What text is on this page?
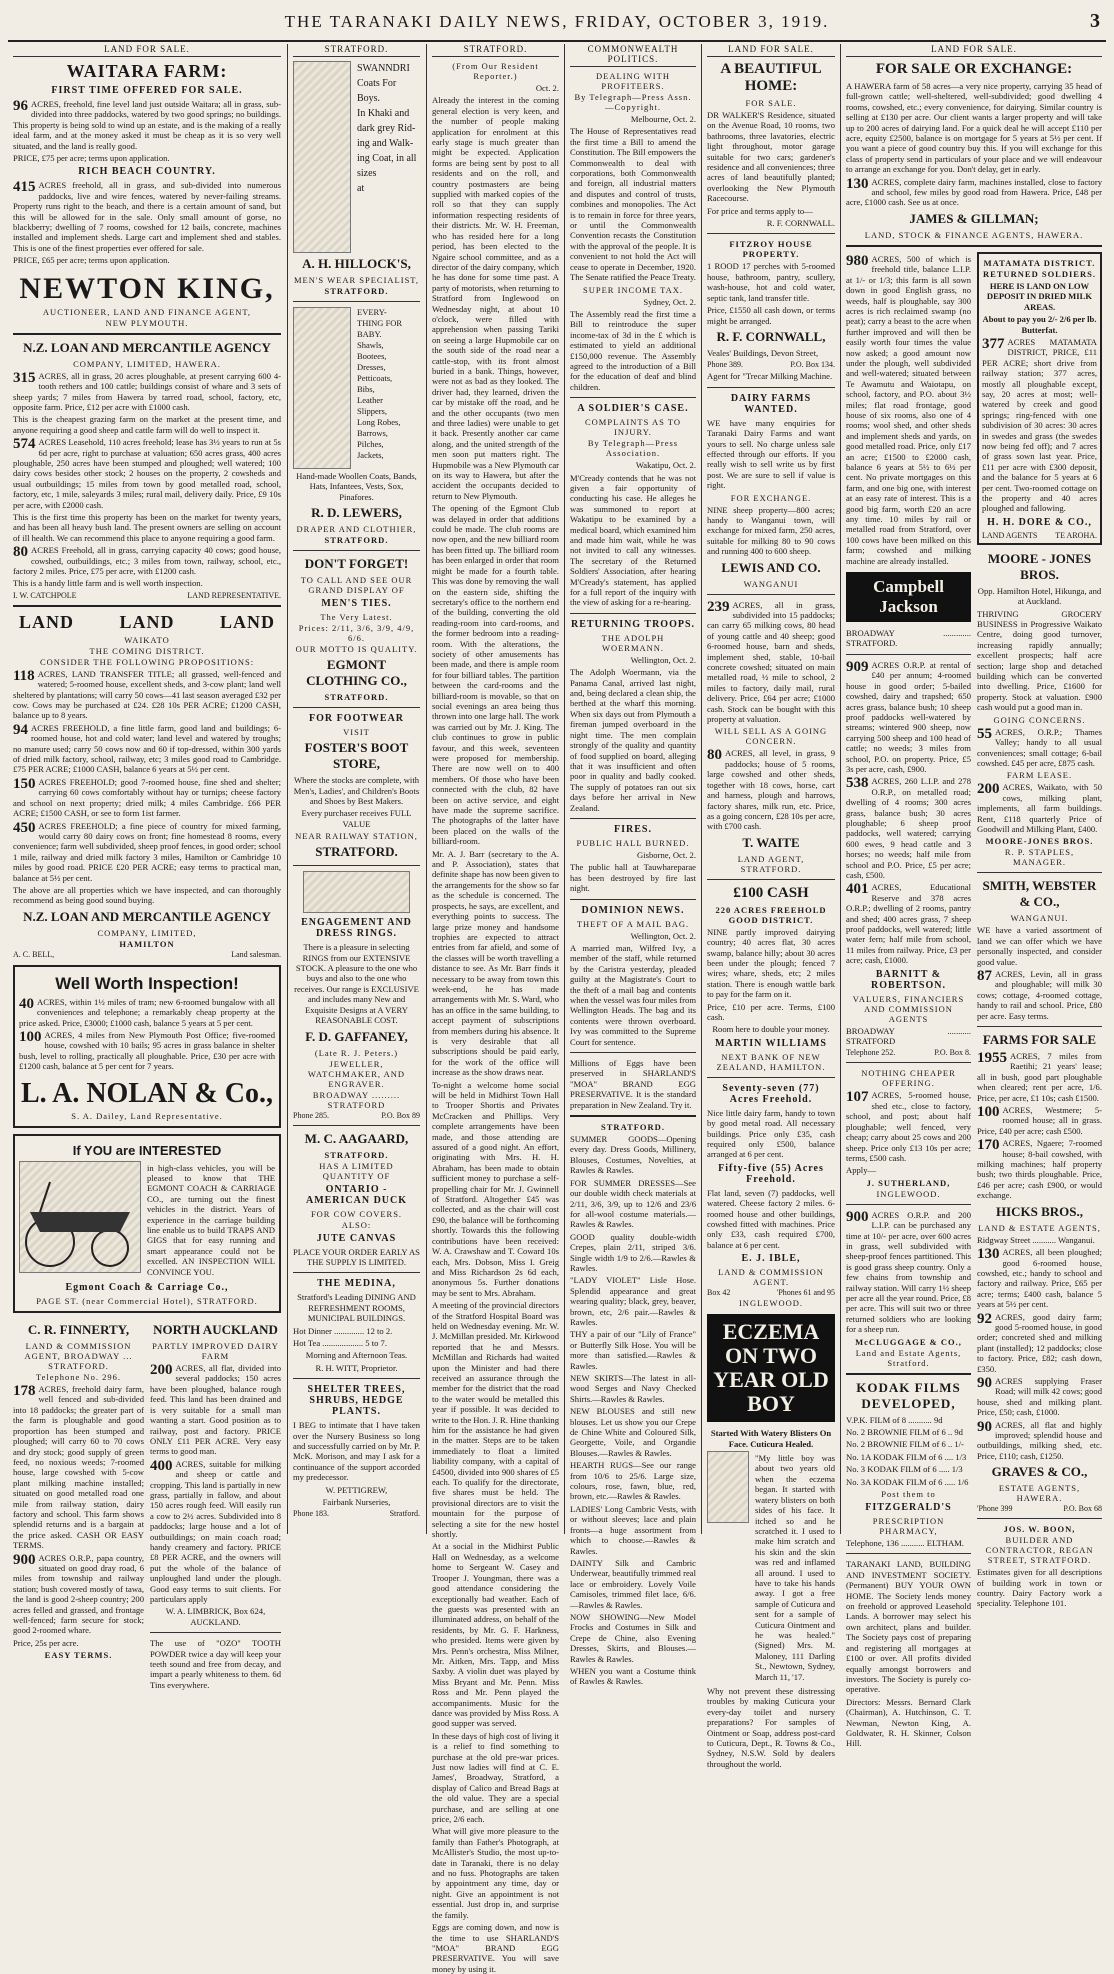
THE TARANAKI DAILY NEWS, FRIDAY, OCTOBER 3, 1919.	3
LAND FOR SALE.
WAITARA FARM:
FIRST TIME OFFERED FOR SALE.
96 ACRES, freehold, fine level land just outside Waitara; all in grass, sub-divided into three paddocks, watered by two good springs; no buildings. This property is being sold to wind up an estate, and is the making of a really ideal farm, and at the money asked it must be cheap as it is so very well situated, and the land is really good.
PRICE, £75 per acre; terms upon application.
RICH BEACH COUNTRY.
415 ACRES freehold, all in grass, and sub-divided into numerous paddocks, live and wire fences, watered by never-failing streams. Property runs right to the beach, and there is a certain amount of sand, but this will be allowed for in the sale. Only small amount of gorse, no blackberry; dwelling of 7 rooms, cowshed for 12 bails, concrete, machines installed and implement sheds. Large cart and implement shed and stables. This is one of the finest properties ever offered for sale.
PRICE, £65 per acre; terms upon application.
NEWTON KING,
AUCTIONEER, LAND AND FINANCE AGENT,
NEW PLYMOUTH.
N.Z. LOAN AND MERCANTILE AGENCY
COMPANY, LIMITED, HAWERA.
315 ACRES, all in grass, 20 acres ploughable, at present carrying 600 4-tooth rethers and 100 cattle; buildings consist of whare and 3 sets of sheep yards; 7 miles from Hawera by tarred road, school, factory, etc, opposite farm. Price, £12 per acre with £1000 cash.
This is the cheapest grazing farm on the market at the present time, and anyone requiring a good sheep and cattle farm will do well to inspect it.
574 ACRES Leasehold, 110 acres freehold; lease has 3½ years to run at 5s 6d per acre, right to purchase at valuation; 650 acres grass, 400 acres ploughable, 250 acres have been stumped and ploughed; well watered; 100 dairy cows besides other stock; 2 houses on the property, 2 cowsheds and usual outbuildings; 15 miles from town by good metalled road, school, factory, etc, 1 mile, saleyards 3 miles; rural mail, delivery daily. Price, £9 10s per acre, with £2000 cash.
This is the first time this property has been on the market for twenty years, and has been all heavy bush land. The present owners are selling on account of ill health. We can recommend this place to anyone requiring a good farm.
80 ACRES Freehold, all in grass, carrying capacity 40 cows; good house, cowshed, outbuildings, etc.; 3 miles from town, railway, school, etc., factory 2 miles. Price, £75 per acre, with £1200 cash.
This is a handy little farm and is well worth inspection.
I. W. CATCHPOLE	LAND REPRESENTATIVE.
LAND LAND LAND
WAIKATO
THE COMING DISTRICT.
CONSIDER THE FOLLOWING PROPOSITIONS:
118 ACRES, LAND TRANSFER TITLE; all grassed, well-fenced and watered; 5-roomed house, excellent sheds, and 3-cow plant; land well sheltered by plantations; will carry 50 cows—41 last season averaged £32 per cow. Cows may be purchased at £24. £28 10s PER ACRE; £1200 CASH, balance up to 8 years.
94 ACRES FREEHOLD, a fine little farm, good land and buildings; 6-roomed house, hot and cold water; land level and watered by troughs; no manure used; carry 50 cows now and 60 if top-dressed, within 300 yards of dried milk factory, school, railway, etc; 3 miles good road to Cambridge. £75 PER ACRE; £1000 CASH, balance 6 years at 5½ per cent.
150 ACRES FREEHOLD; good 7-roomed house, fine shed and shelter; carrying 60 cows comfortably without hay or turnips; cheese factory and school on next property; dried milk; 4 miles Cambridge. £66 PER ACRE; £1500 CASH, or see to form 1ist farmer.
450 ACRES FREEHOLD; a fine piece of country for mixed farming, would carry 80 dairy cows on front; fine homestead 8 rooms, every convenience; farm well subdivided, sheep proof fences, in good order; school 1 mile, railway and dried milk factory 3 miles, Hamilton or Cambridge 10 miles by good road. PRICE £20 PER ACRE; easy terms to practical man, balance at 5½ per cent.
The above are all properties which we have inspected, and can thoroughly recommend as being good sound buying.
N.Z. LOAN AND MERCANTILE AGENCY
COMPANY, LIMITED,
HAMILTON
A. C. BELL,	Land salesman.
Well Worth Inspection!
40 ACRES, within 1½ miles of tram; new 6-roomed bungalow with all conveniences and telephone; a remarkably cheap property at the price asked. Price, £3000; £1000 cash, balance 5 years at 5 per cent.
100 ACRES, 4 miles from New Plymouth Post Office; five-roomed house, cowshed with 10 bails; 95 acres in grass balance in shelter bush, level to rolling, practically all ploughable. Price, £30 per acre with £1200 cash, balance at 5 per cent for 7 years.
L. A. NOLAN & Co.,
S. A. Dailey, Land Representative.
If YOU are INTERESTED
in high-class vehicles, you will be pleased to know that THE EGMONT COACH & CARRIAGE CO., are turning out the finest vehicles in the district. Years of experience in the carriage building line enable us to build TRAPS AND GIGS that for easy running and smart appearance could not be excelled. AN INSPECTION WILL CONVINCE YOU.
Egmont Coach & Carriage Co.,
PAGE ST. (near Commercial Hotel), STRATFORD.
C. R. FINNERTY,
LAND & COMMISSION AGENT, BROADWAY ... STRATFORD.
Telephone No. 296.
178 ACRES, freehold dairy farm, well fenced and sub-divided into 18 paddocks; the greater part of the farm is ploughable and good proportion has been stumped and ploughed; will carry 60 to 70 cows and dry stock; good supply of green feed, no noxious weeds; 7-roomed house, large cowshed with 5-cow plant milking machine installed; situated on good metalled road one mile from railway station, dairy factory and school. This farm shows splendid returns and is a bargain at the price asked. CASH OR EASY TERMS.
900 ACRES O.R.P., papa country, situated on good dray road, 6 miles from township and railway station; bush covered mostly of tawa, the land is good 2-sheep country; 200 acres felled and grassed, and frontage well-fenced; farm secure for stock; good 2-roomed whare.
Price, 25s per acre.
EASY TERMS.
NORTH AUCKLAND
PARTLY IMPROVED DAIRY FARM
200 ACRES, all flat, divided into several paddocks; 150 acres have been ploughed, balance rough feed. This land has been drained and is very suitable for a small man wanting a start. Good position as to railway, post and factory. PRICE ONLY £11 PER ACRE. Very easy terms to good man.
400 ACRES, suitable for milking and sheep or cattle and cropping. This land is partially in new grass, partially in fallow, and about 150 acres rough feed. Will easily run a cow to 2½ acres. Subdivided into 8 paddocks; large house and a lot of outbuildings; on main coach road; handy creamery and factory. PRICE £8 PER ACRE, and the owners will put the whole of the balance of unploughed land under the plough. Good easy terms to suit clients. For particulars apply
W. A. LIMBRICK, Box 624, AUCKLAND.
The use of "OZO" TOOTH POWDER twice a day will keep your teeth sound and free from decay, and impart a pearly whiteness to them. 6d Tins everywhere.
STRATFORD.
SWANNDRI
Coats For
Boys.
In Khaki and
dark grey Rid-
ing and Walk-
ing Coat, in all
sizes
at
A. H. HILLOCK'S,
MEN'S WEAR SPECIALIST,
STRATFORD.
EVERY-
THING FOR
BABY.
Shawls,
Bootees,
Dresses,
Petticoats,
Bibs,
Leather
Slippers,
Long Robes,
Barrows,
Pilches,
Jackets,
Hand-made Woollen Coats, Bands, Hats, Infantees, Vests, Sox, Pinafores.
R. D. LEWERS,
DRAPER AND CLOTHIER,
STRATFORD.
DON'T FORGET!
TO CALL AND SEE OUR GRAND DISPLAY OF
MEN'S TIES.
The Very Latest.
Prices: 2/11, 3/6, 3/9, 4/9, 6/6.
OUR MOTTO IS QUALITY.
EGMONT CLOTHING CO.,
STRATFORD.
FOR FOOTWEAR
VISIT
FOSTER'S BOOT STORE,
Where the stocks are complete, with Men's, Ladies', and Children's Boots and Shoes by Best Makers.
Every purchaser receives FULL VALUE
NEAR RAILWAY STATION,
STRATFORD.
ENGAGEMENT AND DRESS RINGS.
There is a pleasure in selecting RINGS from our EXTENSIVE STOCK. A pleasure to the one who buys and also to the one who receives. Our range is EXCLUSIVE and includes many New and Exquisite Designs at A VERY REASONABLE COST.
F. D. GAFFANEY,
(Late R. J. Peters.)
JEWELLER, WATCHMAKER, AND ENGRAVER.
BROADWAY ......... STRATFORD
Phone 285.	P.O. Box 89
M. C. AAGAARD,
STRATFORD.
HAS A LIMITED QUANTITY OF
ONTARIO - AMERICAN DUCK
FOR COW COVERS.
ALSO:
JUTE CANVAS
PLACE YOUR ORDER EARLY AS THE SUPPLY IS LIMITED.
THE MEDINA,
Stratford's Leading DINING AND REFRESHMENT ROOMS, MUNICIPAL BUILDINGS.
Hot Dinner .............. 12 to 2.
Hot Tea ................... 5 to 7.
Morning and Afternoon Teas.
R. H. WITT, Proprietor.
SHELTER TREES, SHRUBS, HEDGE PLANTS.
I BEG to intimate that I have taken over the Nursery Business so long and successfully carried on by Mr. P. McK. Morison, and may I ask for a continuance of the support accorded my predecessor.
W. PETTIGREW,
Fairbank Nurseries,
Phone 183.	Stratford.
STRATFORD.
(From Our Resident Reporter.)
Oct. 2.
Already the interest in the coming general election is very keen, and the number of people making application for enrolment at this early stage is much greater than might be expected. Application forms are being sent by post to all residents and on the roll, and country postmasters are being supplied with marked copies of the roll so that they can supply information respecting residents of their districts. Mr. W. H. Freeman, who has resided here for a long period, has been elected to the Ngaire school committee, and as a director of the dairy company, which he has done for some time past. A party of motorists, when returning to Stratford from Inglewood on Wednesday night, at about 10 o'clock, were filled with apprehension when passing Tariki on seeing a large Hupmobile car on the south side of the road near a cattle-stop, with its front almost buried in a bank. Things, however, were not as bad as they looked. The driver had, they learned, driven the car by mistake off the road, and he and the other occupants (two men and three ladies) were unable to get it back. Presently another car came along, and the united strength of the men soon put matters right. The Hupmobile was a New Plymouth car on its way to Hawera, but after the accident the occupants decided to return to New Plymouth.
The opening of the Egmont Club was delayed in order that additions could be made. The club rooms are now open, and the new billiard room has been fitted up. The billiard room has been enlarged in order that room might be made for a fourth table. This was done by removing the wall on the eastern side, shifting the secretary's office to the northern end of the building, converting the old reading-room into card-rooms, and the former bedroom into a reading-room. With the alterations, the society of other amusements has been made, and there is ample room for four billiard tables. The partition between the card-rooms and the billiard-room is movable, so that on social evenings an area being thus thrown into one large hall. The work was carried out by Mr. J. King. The club continues to grow in public favour, and this week, seventeen were proposed for membership. There are now well on to 400 members. Of those who have been connected with the club, 82 have been on active service, and eight have made the supreme sacrifice. The photographs of the latter have been placed on the walls of the billiard-room.
Mr. A. J. Barr (secretary to the A. and P. Association), states that definite shape has now been given to the arrangements for the show so far as the schedule is concerned. The prospects, he says, are excellent, and everything points to success. The large prize money and handsome trophies are expected to attract entries from far afield, and some of the classes will be worth travelling a distance to see. As Mr. Barr finds it necessary to be away from town this week-end, he has made arrangements with Mr. S. Ward, who has an office in the same building, to accept payment of subscriptions from members during his absence. It is very desirable that all subscriptions should be paid early, for the work of the office will increase as the show draws near.
To-night a welcome home social will be held in Midhirst Town Hall to Trooper Shortis and Privates McCracken and Phillips. Very complete arrangements have been made, and those attending are assured of a good night. An effort, originating with Mrs. H. H. Abraham, has been made to obtain sufficient money to purchase a self-propelling chair for Mr. J. Gwinnell of Stratford. Altogether £45 was collected, and as the chair will cost £90, the balance will be forthcoming shortly. Towards this the following contributions have been received: W. A. Crawshaw and T. Coward 10s each, Mrs. Dobson, Miss I. Greig and Miss Richardson 2s 6d each, anonymous 5s. Further donations may be sent to Mrs. Abraham.
A meeting of the provincial directors of the Stratford Hospital Board was held on Wednesday evening. Mr. W. J. McMillan presided. Mr. Kirkwood reported that he and Messrs. McMillan and Richards had waited upon the Minister and had there received an assurance through the member for the district that the road to the water would be metalled this year if possible. It was decided to write to the Hon. J. R. Hine thanking him for the assistance he had given in the matter. Steps are to be taken immediately to float a limited liability company, with a capital of £4500, divided into 900 shares of £5 each. To qualify for the directorate, five shares must be held. The provisional directors are to visit the mountain for the purpose of selecting a site for the new hostel shortly.
At a social in the Midhirst Public Hall on Wednesday, as a welcome home to Sergeant W. Casey and Trooper J. Youngman, there was a good attendance considering the exceptionally bad weather. Each of the guests was presented with an illuminated address, on behalf of the residents, by Mr. G. F. Harkness, who presided. Items were given by Mrs. Penn's orchestra, Miss Milner, Mr. Aitken, Mrs. Tapp, and Miss Saxby. A violin duet was played by Miss Bryant and Mr. Penn. Miss Ross and Mr. Penn played the accompaniments. Music for the dance was provided by Miss Ross. A good supper was served.
In these days of high cost of living it is a relief to find something to purchase at the old pre-war prices. Just now ladies will find at C. E. James', Broadway, Stratford, a display of Calico and Bread Bags at the old value. They are a special purchase, and are selling at one price, 2/6 each.
What will give more pleasure to the family than Father's Photograph, at McAllister's Studio, the most up-to-date in Taranaki, there is no delay and no fuss. Photographs are taken by appointment any time, day or night. Give an appointment is not essential. Just drop in, and surprise the family.
Eggs are coming down, and now is the time to use SHARLAND'S "MOA" BRAND EGG PRESERVATIVE. You will save money by using it.
COMMONWEALTH POLITICS.
DEALING WITH PROFITEERS.
By Telegraph—Press Assn.—Copyright.
Melbourne, Oct. 2.
The House of Representatives read the first time a Bill to amend the Constitution. The Bill empowers the Commonwealth to deal with corporations, both Commonwealth and foreign, all industrial matters and disputes and control of trusts, combines and monopolies. The Act is to remain in force for three years, or until the Commonwealth Convention recasts the Constitution with the approval of the people. It is convenient to not hold the Act will cease to operate in December, 1920. The Senate ratified the Peace Treaty.
SUPER INCOME TAX.
Sydney, Oct. 2.
The Assembly read the first time a Bill to reintroduce the super income-tax of 3d in the £ which is estimated to yield an additional £150,000 revenue. The Assembly agreed to the introduction of a Bill for the education of deaf and blind children.
A SOLDIER'S CASE.
COMPLAINTS AS TO INJURY.
By Telegraph—Press Association.
Wakatipu, Oct. 2.
M'Cready contends that he was not given a fair opportunity of conducting his case. He alleges he was summoned to report at Wakatipu to be examined by a medical board, which examined him and made him wait, while he was not invited to call any witnesses. The secretary of the Returned Soldiers' Association, after hearing M'Cready's statement, has applied for a full report of the inquiry with the view of asking for a re-hearing.
RETURNING TROOPS.
THE ADOLPH WOERMANN.
Wellington, Oct. 2.
The Adolph Woermann, via the Panama Canal, arrived last night, and, being declared a clean ship, the berthed at the wharf this morning. When six days out from Plymouth a fireman jumped overboard in the night time. The men complain strongly of the quality and quantity of food supplied on board, alleging that it was insufficient and often poor in quality and badly cooked. The supply of potatoes ran out six days before her arrival in New Zealand.
FIRES.
PUBLIC HALL BURNED.
Gisborne, Oct. 2.
The public hall at Tauwhareparae has been destroyed by fire last night.
DOMINION NEWS.
THEFT OF A MAIL BAG.
Wellington, Oct. 2.
A married man, Wilfred Ivy, a member of the staff, while returned by the Caristra yesterday, pleaded guilty at the Magistrate's Court to the theft of a mail bag and contents when the vessel was four miles from Wellington Heads. The bag and its contents were thrown overboard. Ivy was committed to the Supreme Court for sentence.
Millions of Eggs have been preserved in SHARLAND'S "MOA" BRAND EGG PRESERVATIVE. It is the standard preparation in New Zealand. Try it.
STRATFORD.
SUMMER GOODS—Opening every day. Dress Goods, Millinery, Blouses, Costumes, Novelties, at Rawles & Rawles.
FOR SUMMER DRESSES—See our double width check materials at 2/11, 3/6, 3/9, up to 12/6 and 23/6 for all-wool costume materials.—Rawles & Rawles.
GOOD quality double-width Crepes, plain 2/11, striped 3/6. Single width 1/9 to 2/6.—Rawles & Rawles.
"LADY VIOLET" Lisle Hose. Splendid appearance and great wearing quality; black, grey, beaver, brown, etc, 2/6 pair.—Rawles & Rawles.
THY a pair of our "Lily of France" or Butterfly Silk Hose. You will be more than satisfied.—Rawles & Rawles.
NEW SKIRTS—The latest in all-wood Serges and Navy Checked Shirts.—Rawles & Rawles.
NEW BLOUSES and still new blouses. Let us show you our Crepe de Chine White and Coloured Silk, Georgette, Voile, and Organdie Blouses.—Rawles & Rawles.
HEARTH RUGS—See our range from 10/6 to 25/6. Large size, colours, rose, fawn, blue, red, brown, etc.—Rawles & Rawles.
LADIES' Long Cambric Vests, with or without sleeves; lace and plain fronts—a huge assortment from which to choose.—Rawles & Rawles.
DAINTY Silk and Cambric Underwear, beautifully trimmed real lace or embroidery. Lovely Voile Camisoles, trimmed filet lace, 6/6.—Rawles & Rawles.
NOW SHOWING—New Model Frocks and Costumes in Silk and Crepe de Chine, also Evening Dresses, Skirts, and Blouses.—Rawles & Rawles.
WHEN you want a Costume think of Rawles & Rawles.
LAND FOR SALE.
A BEAUTIFUL HOME:
FOR SALE.
DR WALKER'S Residence, situated on the Avenue Road, 10 rooms, two bathrooms, three lavatories, electric light throughout, motor garage suitable for two cars; gardener's residence and all conveniences; three acres of land beautifully planted; overlooking the New Plymouth Racecourse.
For price and terms apply to—
R. F. CORNWALL.
FITZROY HOUSE PROPERTY.
1 ROOD 17 perches with 5-roomed house, bathroom, pantry, scullery, wash-house, hot and cold water, septic tank, land transfer title.
Price, £1550 all cash down, or terms might be arranged.
R. F. CORNWALL,
Veales' Buildings, Devon Street,
Phone 389.	P.O. Box 134.
Agent for "Trecar Milking Machine.
DAIRY FARMS WANTED.
WE have many enquiries for Taranaki Dairy Farms and want yours to sell. No charge unless sale effected through our efforts. If you really wish to sell write us by first post. We are sure to sell if value is right.
FOR EXCHANGE.
NINE sheep property—800 acres; handy to Wanganui town, will exchange for mixed farm, 250 acres, suitable for milking 80 to 90 cows and running 400 to 600 sheep.
LEWIS AND CO.
WANGANUI
239 ACRES, all in grass, subdivided into 15 paddocks; can carry 65 milking cows, 80 head of young cattle and 40 sheep; good 6-roomed house, barn and sheds, implement shed, stable, 10-bail concrete cowshed; situated on main metalled road, ½ mile to school, 2 miles to factory, daily mail, rural delivery. Price, £64 per acre; £1000 cash. Stock can be bought with this property at valuation.
WILL SELL AS A GOING CONCERN.
80 ACRES, all level, in grass, 9 paddocks; house of 5 rooms, large cowshed and other sheds, together with 18 cows, horse, cart and harness, plough and harrows, factory shares, milk run, etc. Price, as a going concern, £28 10s per acre, with £700 cash.
T. WAITE
LAND AGENT, STRATFORD.
£100 CASH
220 ACRES FREEHOLD GOOD DISTRICT.
NINE partly improved dairying country; 40 acres flat, 30 acres swamp, balance hilly; about 30 acres been under the plough; fenced 7 wires; whare, sheds, etc; 2 miles station. There is enough wattle bark to pay for the farm on it.
Price, £10 per acre. Terms, £100 cash.
Room here to double your money.
MARTIN WILLIAMS
NEXT BANK OF NEW ZEALAND, HAMILTON.
Seventy-seven (77) Acres Freehold.
Nice little dairy farm, handy to town by good metal road. All necessary buildings. Price only £35, cash required only £500, balance arranged at 6 per cent.
Fifty-five (55) Acres Freehold.
Flat land, seven (7) paddocks, well watered. Cheese factory 2 miles. 6-roomed house and other buildings, cowshed fitted with machines. Price only £33, cash required £700, balance at 6 per cent.
E. J. IBLE,
LAND & COMMISSION AGENT.
Box 42	'Phones 61 and 95
INGLEWOOD.
ECZEMA ON TWO YEAR OLD BOY
Started With Watery Blisters On Face. Cuticura Healed.
"My little boy was about two years old when the eczema began. It started with watery blisters on both sides of his face. It itched so and he scratched it. I used to make him scratch and his skin and the skin was red and inflamed all around. I used to have to take his hands away. I got a free sample of Cuticura and sent for a sample of Cuticura Ointment and he was healed." (Signed) Mrs. M. Maloney, 111 Darling St., Newtown, Sydney, March 11, '17.
Why not prevent these distressing troubles by making Cuticura your every-day toilet and nursery preparations? For samples of Ointment or Soap, address post-card to Cuticura, Dept., R. Towns & Co., Sydney, N.S.W. Sold by dealers throughout the world.
LAND FOR SALE.
FOR SALE OR EXCHANGE:
A HAWERA farm of 58 acres—a very nice property, carrying 35 head of full-grown cattle; well-sheltered, well-subdivided; good dwelling 4 rooms, cowshed, etc.; every convenience, for dairying. Similar country is selling at £130 per acre. Our client wants a larger property and will take up to 200 acres of dairying land. For a quick deal he will accept £110 per acre, equity £2500, balance is on mortgage for 5 years at 5½ per cent. If you want a piece of good country buy this. If you will exchange for this class of property send in particulars of your place and we will endeavour to arrange an exchange for you. Don't delay, get in early.
130 ACRES, complete dairy farm, machines installed, close to factory and school, few miles by good road from Hawera. Price, £48 per acre, £1000 cash. See us at once.
JAMES & GILLMAN;
LAND, STOCK & FINANCE AGENTS, HAWERA.
980 ACRES, 500 of which is freehold title, balance L.I.P. at 1/- or 1/3; this farm is all sown down in good English grass, no weeds, half is ploughable, say 300 acres is rich reclaimed swamp (no peat); carry a beast to the acre when further improved and will then be easily worth four times the value now asked; a good amount now under the plough, well subdivided and well-watered; situated between Te Awamutu and Waiotapu, on school, factory, and P.O. about 3½ miles; flat road frontage, good house of six rooms, also one of 4 rooms; wool shed, and other sheds and implement sheds and yards, on good metalled road. Price, only £17 an acre; £1500 to £2000 cash, balance 6 years at 5½ to 6½ per cent. No private mortgages on this farm, and one big one, with interest at an easy rate of interest. This is a good big farm, worth £20 an acre any time. 10 miles by rail or metalled road from Stratford, over 100 cows have been milked on this farm; cowshed and milking machine are already installed.
Campbell Jackson
BROADWAY ............. STRATFORD.
909 ACRES O.R.P. at rental of £40 per annum; 4-roomed house in good order; 5-bailed cowshed, dairy and trapshed; 650 acres grass, balance bush; 10 sheep proof paddocks well-watered by streams; wintered 900 sheep, now carrying 500 sheep and 100 head of cattle; no weeds; 3 miles from school, P.O. on property. Price, £5 3s per acre, cash, £900.
538 ACRES, 260 L.I.P. and 278 O.R.P., on metalled road; dwelling of 4 rooms; 300 acres grass, balance bush; 30 acres ploughable; 6 sheep proof paddocks, well watered; carrying 600 ewes, 9 head cattle and 3 horses; no weeds; half mile from school and P.O. Price, £5 per acre; cash, £500.
401 ACRES, Educational Reserve and 378 acres O.R.P.; dwelling of 2 rooms, pantry and shed; 400 acres grass, 7 sheep proof paddocks, well watered; little water fern; half mile from school, 11 miles from railway. Price, £3 per acre; cash, £1000.
BARNITT & ROBERTSON.
VALUERS, FINANCIERS AND COMMISSION AGENTS
BROADWAY ........... STRATFORD
Telephone 252.	P.O. Box 8.
NOTHING CHEAPER OFFERING.
107 ACRES, 5-roomed house, shed etc., close to factory, school, and post; about half ploughable; well fenced, very cheap; carry about 25 cows and 200 sheep. Price only £13 10s per acre; terms, £500 cash.
Apply—
J. SUTHERLAND,
INGLEWOOD.
900 ACRES O.R.P. and 200 L.I.P. can be purchased any time at 10/- per acre, over 600 acres in grass, well subdivided with sheep-proof fences partitioned. This is good grass sheep country. Only a few chains from township and railway station. Will carry 1½ sheep per acre all the year round. Price, £8 per acre. This will suit two or three returned soldiers who are looking for a sheep run.
McCLUGGAGE & CO.,
Land and Estate Agents, Stratford.
KODAK FILMS DEVELOPED,
V.P.K. FILM of 8 ........... 9d
No. 2 BROWNIE FILM of 6 .. 9d
No. 2 BROWNIE FILM of 6 .. 1/-
No. 1A KODAK FILM of 6 .... 1/3
No. 3 KODAK FILM of 6 ..... 1/3
No. 3A KODAK FILM of 6 ..... 1/6
Post them to
FITZGERALD'S
PRESCRIPTION PHARMACY,
Telephone, 136 ........... ELTHAM.
TARANAKI LAND, BUILDING AND INVESTMENT SOCIETY. (Permanent) BUY YOUR OWN HOME. The Society lends money on freehold or approved Leasehold Lands. A borrower may select his own architect, plans and builder. The Society pays cost of preparing and registering all mortgages at £100 or over. All profits divided equally amongst borrowers and investors. The Society is purely co-operative.
Directors: Messrs. Bernard Clark (Chairman), A. Hutchinson, C. T. Newman, Newton King, A. Goldwater, R. H. Skinner, Colson Hill.
MATAMATA DISTRICT.
RETURNED SOLDIERS.
HERE IS LAND ON LOW DEPOSIT IN DRIED MILK AREAS.
About to pay you 2/- 2/6 per lb. Butterfat.
377 ACRES MATAMATA DISTRICT, PRICE, £11 PER ACRE; short drive from railway station; 377 acres, mostly all ploughable except, say, 20 acres at most; well-watered by creek and good springs; ring-fenced with one subdivision of 30 acres: 30 acres in swedes and grass (the swedes now being fed off); and 7 acres of grass sown last year. Price, £11 per acre with £300 deposit, and the balance for 5 years at 6 per cent. Two-roomed cottage on the property and 40 acres ploughed and fallowing.
H. H. DORE & CO.,
LAND AGENTS TE AROHA.
MOORE - JONES BROS.
Opp. Hamilton Hotel, Hikunga, and at Auckland.
THRIVING GROCERY BUSINESS in Progressive Waikato Centre, doing good turnover, increasing rapidly annually; excellent prospects; half acre section; large shop and detached building which can be converted into dwelling. Price, £1600 for property. Stock at valuation. £900 cash would put a good man in.
GOING CONCERNS.
55 ACRES, O.R.P.; Thames Valley; handy to all usual conveniences; small cottage; 6-bail cowshed. £45 per acre, £875 cash.
FARM LEASE.
200 ACRES, Waikato, with 50 cows, milking plant, implements, all farm buildings. Rent, £118 quarterly Price of Goodwill and Milking Plant, £400.
MOORE-JONES BROS.
R. P. STAPLES, MANAGER.
SMITH, WEBSTER & CO.,
WANGANUI.
WE have a varied assortment of land we can offer which we have personally inspected, and consider good value.
87 ACRES, Levin, all in grass and ploughable; will milk 30 cows; cottage, 4-roomed cottage, handy to rail and school. Price, £80 per acre. Easy terms.
FARMS FOR SALE
1955 ACRES, 7 miles from Raetihi; 21 years' lease; all in bush, good part ploughable when cleared; rent per acre, 1/6. Price, per acre, £1 10s; cash £1500.
100 ACRES, Westmere; 5-roomed house; all in grass. Price, £40 per acre; cash £500.
170 ACRES, Ngaere; 7-roomed house; 8-bail cowshed, with milking machines; half property bush; two thirds ploughable. Price, £46 per acre; cash £900, or would exchange.
HICKS BROS.,
LAND & ESTATE AGENTS,
Ridgway Street ........... Wanganui.
130 ACRES, all been ploughed; good 6-roomed house, cowshed, etc.; handy to school and factory and railway. Price, £65 per acre; terms; £400 cash, balance 5 years at 5½ per cent.
92 ACRES, good dairy farm; good 5-roomed house, in good order; concreted shed and milking plant (installed); 12 paddocks; close to factory. Price, £82; cash down, £350.
90 ACRES supplying Fraser Road; will milk 42 cows; good house, shed and milking plant. Price, £50; cash, £1000.
90 ACRES, all flat and highly improved; splendid house and outbuildings, milking shed, etc. Price, £110; cash, £1250.
GRAVES & CO.,
ESTATE AGENTS, HAWERA.
'Phone 399	P.O. Box 68
JOS. W. BOON,
BUILDER AND CONTRACTOR, REGAN STREET, STRATFORD.
Estimates given for all descriptions of building work in town or country. Dairy Factory work a speciality. Telephone 101.
